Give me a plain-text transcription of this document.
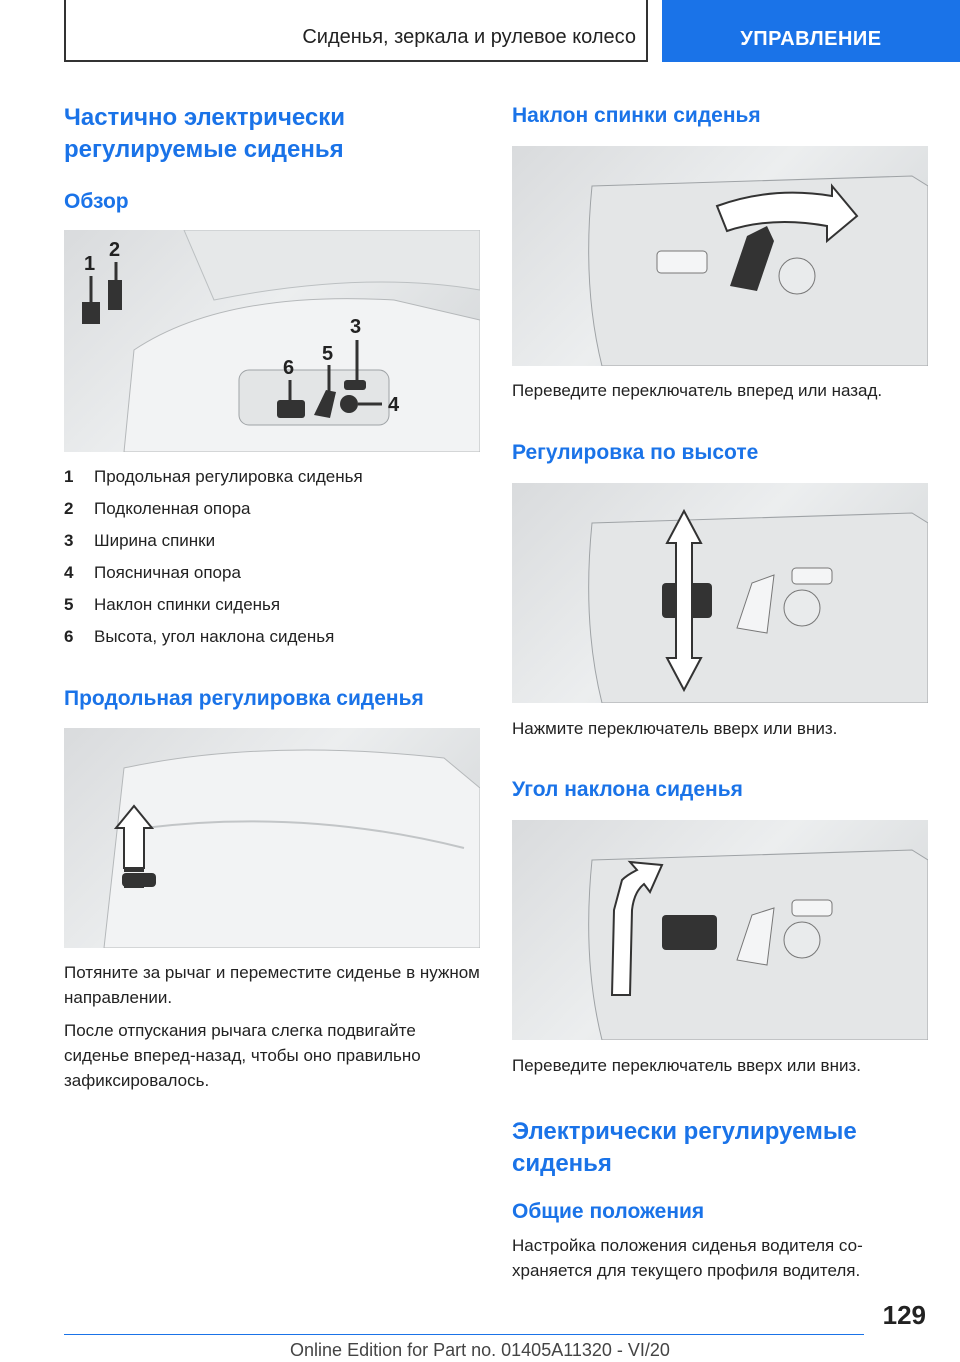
Сиденья, зеркала и рулевое колесо	УПРАВЛЕНИЕ
Частично электрически регулируемые сиденья
Обзор
1
2
3
4
5
6
1	Продольная регулировка сиденья
2	Подколенная опора
3	Ширина спинки
4	Поясничная опора
5	Наклон спинки сиденья
6	Высота, угол наклона сиденья
Продольная регулировка сиденья
Потяните за рычаг и переместите сиденье в нужном направлении.
После отпускания рычага слегка подвигайте сиденье вперед-назад, чтобы оно правильно зафиксировалось.
Наклон спинки сиденья
Переведите переключатель вперед или назад.
Регулировка по высоте
Нажмите переключатель вверх или вниз.
Угол наклона сиденья
Переведите переключатель вверх или вниз.
Электрически регулируемые сиденья
Общие положения
Настройка положения сиденья водителя со-храняется для текущего профиля водителя.
129
Online Edition for Part no. 01405A11320 - VI/20
